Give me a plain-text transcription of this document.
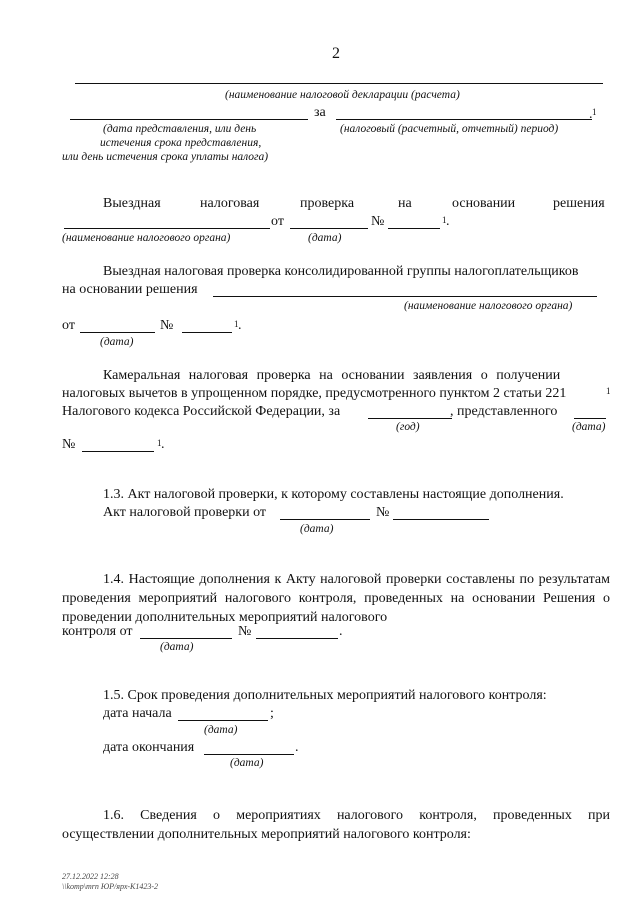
2
(наименование налоговой декларации (расчета)
за	1
.
(дата представления, или день	(налоговый (расчетный, отчетный) период)
истечения срока представления,
или день истечения срока уплаты налога)
Выездная	налоговая	проверка	на	основании	решения
от	№	1 .
(наименование налогового органа)	(дата)
Выездная налоговая проверка консолидированной группы налогоплательщиков
на основании решения
(наименование налогового органа)
от	№	1 .
(дата)
Камеральная налоговая проверка на основании заявления о получении
налоговых вычетов в упрощенном порядке, предусмотренного пунктом 2 статьи 221	1
Налогового кодекса Российской Федерации, за	, представленного
(год)	(дата)
№	1 .
1.3. Акт налоговой проверки, к которому составлены настоящие дополнения.
Акт налоговой проверки от	№
(дата)
1.4. Настоящие дополнения к Акту налоговой проверки составлены по результатам проведения мероприятий налогового контроля, проведенных на основании Решения о проведении дополнительных мероприятий налогового
контроля от	№	.
(дата)
1.5. Срок проведения дополнительных мероприятий налогового контроля:
дата начала	;
(дата)
дата окончания	.
(дата)
1.6. Сведения о мероприятиях налогового контроля, проведенных при осуществлении дополнительных мероприятий налогового контроля:
27.12.2022 12:28
\\komp\mrn ЮР/ярх-К1423-2
